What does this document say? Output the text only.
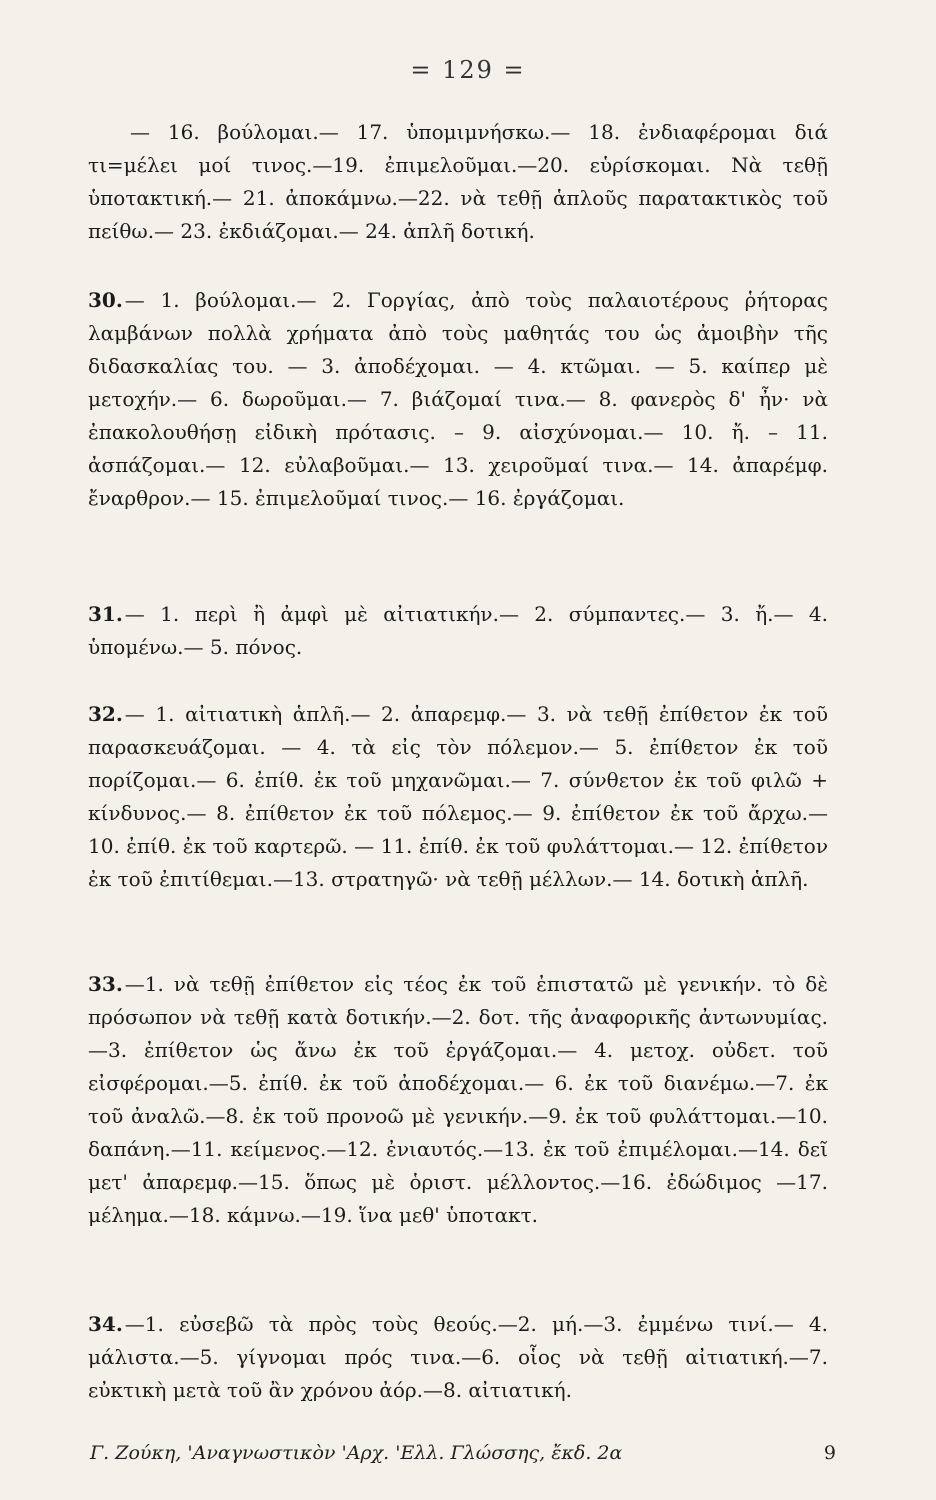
= 129 =
— 16. βούλομαι.— 17. ὑπομιμνήσκω.— 18. ἐνδιαφέρομαι διά τι=μέλει μοί τινος.—19. ἐπιμελοῦμαι.—20. εὑρίσκομαι. Νὰ τεθῇ ὑποτακτική.— 21. ἀποκάμνω.—22. νὰ τεθῇ ἁπλοῦς παρατακτικὸς τοῦ πείθω.— 23. ἐκδιάζομαι.— 24. ἁπλῆ δοτική.
30. — 1. βούλομαι.— 2. Γοργίας, ἀπὸ τοὺς παλαιοτέρους ῥήτορας λαμβάνων πολλὰ χρήματα ἀπὸ τοὺς μαθητάς του ὡς ἀμοιβὴν τῆς διδασκαλίας του. — 3. ἀποδέχομαι. — 4. κτῶμαι. — 5. καίπερ μὲ μετοχήν.— 6. δωροῦμαι.— 7. βιάζομαί τινα.— 8. φανερὸς δ' ἦν· νὰ ἐπακολουθήσῃ εἰδικὴ πρότασις. – 9. αἰσχύνομαι.— 10. ἤ. – 11. ἀσπάζομαι.— 12. εὐλαβοῦμαι.— 13. χειροῦμαί τινα.— 14. ἀπαρέμφ. ἔναρθρον.— 15. ἐπιμελοῦμαί τινος.— 16. ἐργάζομαι.
31. — 1. περὶ ἢ ἀμφὶ μὲ αἰτιατικήν.— 2. σύμπαντες.— 3. ἤ.— 4. ὑπομένω.— 5. πόνος.
32. — 1. αἰτιατικὴ ἁπλῆ.— 2. ἀπαρεμφ.— 3. νὰ τεθῇ ἐπίθετον ἐκ τοῦ παρασκευάζομαι. — 4. τὰ εἰς τὸν πόλεμον.— 5. ἐπίθετον ἐκ τοῦ πορίζομαι.— 6. ἐπίθ. ἐκ τοῦ μηχανῶμαι.— 7. σύνθετον ἐκ τοῦ φιλῶ + κίνδυνος.— 8. ἐπίθετον ἐκ τοῦ πόλεμος.— 9. ἐπίθετον ἐκ τοῦ ἄρχω.— 10. ἐπίθ. ἐκ τοῦ καρτερῶ. — 11. ἐπίθ. ἐκ τοῦ φυλάττομαι.— 12. ἐπίθετον ἐκ τοῦ ἐπιτίθεμαι.—13. στρατηγῶ· νὰ τεθῇ μέλλων.— 14. δοτικὴ ἁπλῆ.
33. —1. νὰ τεθῇ ἐπίθετον εἰς τέος ἐκ τοῦ ἐπιστατῶ μὲ γενικήν. τὸ δὲ πρόσωπον νὰ τεθῇ κατὰ δοτικήν.—2. δοτ. τῆς ἀναφορικῆς ἀντωνυμίας.—3. ἐπίθετον ὡς ἄνω ἐκ τοῦ ἐργάζομαι.— 4. μετοχ. οὐδετ. τοῦ εἰσφέρομαι.—5. ἐπίθ. ἐκ τοῦ ἀποδέχομαι.— 6. ἐκ τοῦ διανέμω.—7. ἐκ τοῦ ἀναλῶ.—8. ἐκ τοῦ προνοῶ μὲ γενικήν.—9. ἐκ τοῦ φυλάττομαι.—10. δαπάνη.—11. κείμενος.—12. ἐνιαυτός.—13. ἐκ τοῦ ἐπιμέλομαι.—14. δεῖ μετ' ἀπαρεμφ.—15. ὅπως μὲ ὁριστ. μέλλοντος.—16. ἐδώδιμος —17. μέλημα.—18. κάμνω.—19. ἵνα μεθ' ὑποτακτ.
34. —1. εὐσεβῶ τὰ πρὸς τοὺς θεούς.—2. μή.—3. ἐμμένω τινί.— 4. μάλιστα.—5. γίγνομαι πρός τινα.—6. οἷος νὰ τεθῇ αἰτιατική.—7. εὐκτικὴ μετὰ τοῦ ἂν χρόνου ἀόρ.—8. αἰτιατική.
Γ. Ζούκη, 'Αναγνωστικὸν 'Αρχ. 'Ελλ. Γλώσσης, ἔκδ. 2α	9
